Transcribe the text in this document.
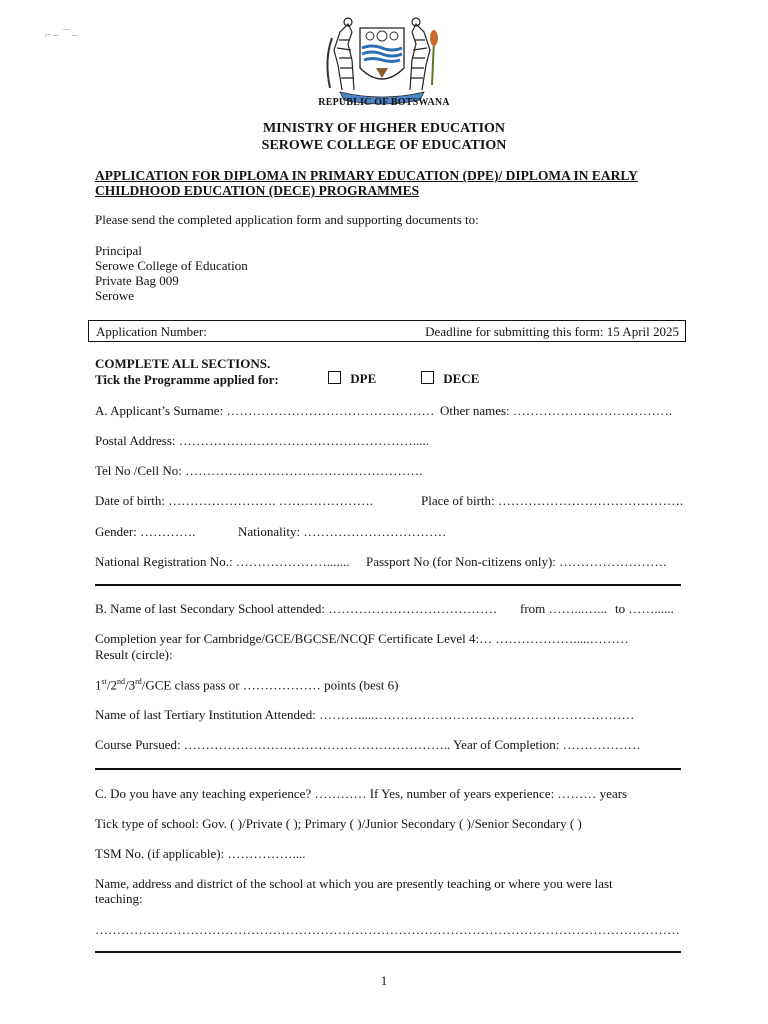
⌐ ‒  ‾‾ ‒
REPUBLIC OF BOTSWANA
MINISTRY OF HIGHER EDUCATION
SEROWE COLLEGE OF EDUCATION
APPLICATION FOR DIPLOMA IN PRIMARY EDUCATION (DPE)/ DIPLOMA IN EARLY
CHILDHOOD EDUCATION (DECE) PROGRAMMES
Please send the completed application form and supporting documents to:
Principal
Serowe College of Education
Private Bag 009
Serowe
Application Number:	Deadline for submitting this form: 15 April 2025
COMPLETE ALL SECTIONS.
Tick the Programme applied for:	DPE	DECE
A. Applicant’s Surname: ………………………………………… Other names: ……………………………….
Postal Address: ……………………………………………….....
Tel No /Cell No: ……………………………………………….
Date of birth: ……………………. ………………….	Place of birth: …………………………………….
Gender: ………….	Nationality: ……………………………
National Registration No.: …………………....... Passport No (for Non-citizens only): …………………….
B. Name of last Secondary School attended: ………………………………… from ……...…... to ……......
Completion year for Cambridge/GCE/BGCSE/NCQF Certificate Level 4:… ……………….....………
Result (circle):
1st/2nd/3rd/GCE class pass or ……………… points (best 6)
Name of last Tertiary Institution Attended: ……….....……………………………………………………
Course Pursued: …………………………………………………….. Year of Completion: ………………
C. Do you have any teaching experience? ………… If Yes, number of years experience: ……… years
Tick type of school: Gov. ( )/Private ( ); Primary ( )/Junior Secondary ( )/Senior Secondary ( )
TSM No. (if applicable): ……………....
Name, address and district of the school at which you are presently teaching or where you were last
teaching:
………………………………………………………………………………………………………………………
1
